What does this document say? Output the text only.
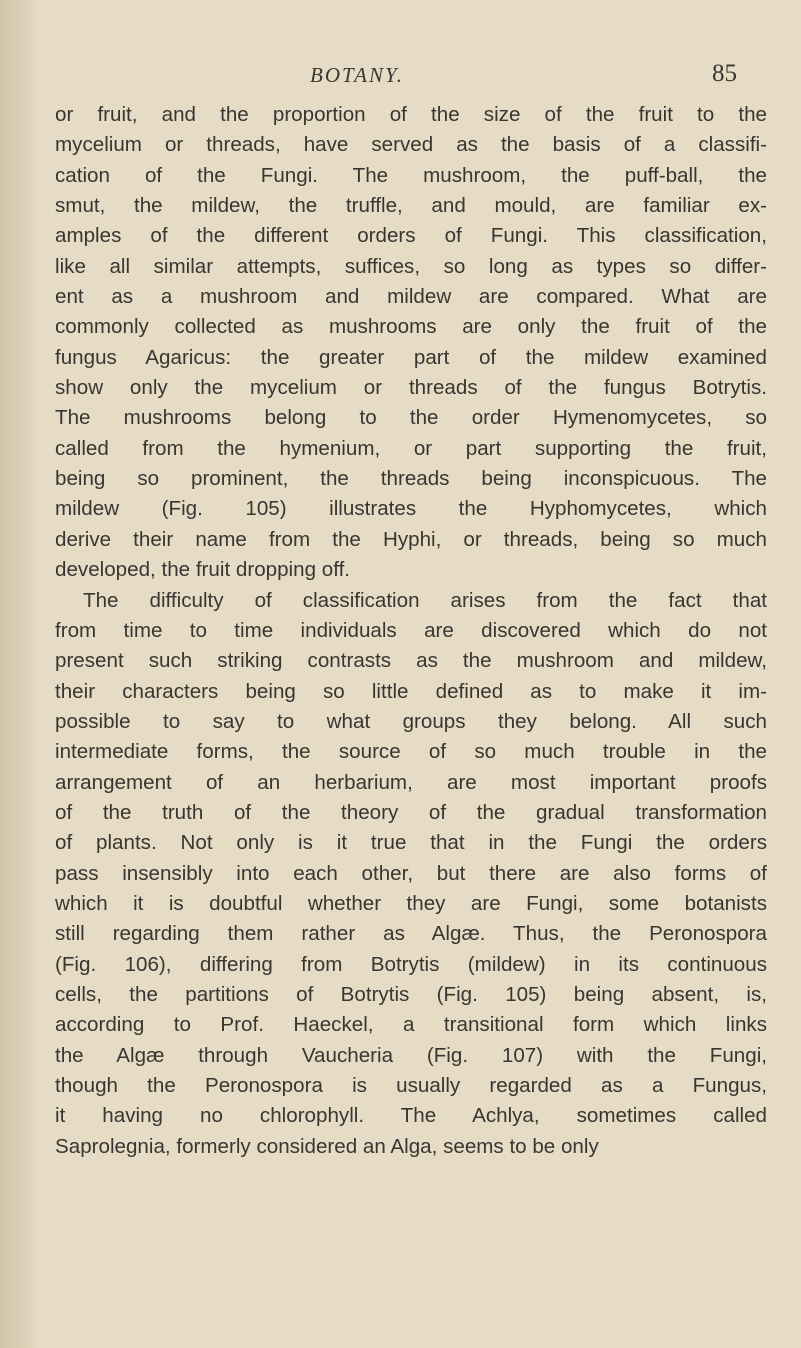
BOTANY.	85
or fruit, and the proportion of the size of the fruit to the
mycelium or threads, have served as the basis of a classifi-
cation of the Fungi. The mushroom, the puff-ball, the
smut, the mildew, the truffle, and mould, are familiar ex-
amples of the different orders of Fungi. This classification,
like all similar attempts, suffices, so long as types so differ-
ent as a mushroom and mildew are compared. What are
commonly collected as mushrooms are only the fruit of the
fungus Agaricus: the greater part of the mildew examined
show only the mycelium or threads of the fungus Botrytis.
The mushrooms belong to the order Hymenomycetes, so
called from the hymenium, or part supporting the fruit,
being so prominent, the threads being inconspicuous. The
mildew (Fig. 105) illustrates the Hyphomycetes, which
derive their name from the Hyphi, or threads, being so much
developed, the fruit dropping off.
The difficulty of classification arises from the fact that
from time to time individuals are discovered which do not
present such striking contrasts as the mushroom and mildew,
their characters being so little defined as to make it im-
possible to say to what groups they belong. All such
intermediate forms, the source of so much trouble in the
arrangement of an herbarium, are most important proofs
of the truth of the theory of the gradual transformation
of plants. Not only is it true that in the Fungi the orders
pass insensibly into each other, but there are also forms of
which it is doubtful whether they are Fungi, some botanists
still regarding them rather as Algæ. Thus, the Peronospora
(Fig. 106), differing from Botrytis (mildew) in its continuous
cells, the partitions of Botrytis (Fig. 105) being absent, is,
according to Prof. Haeckel, a transitional form which links
the Algæ through Vaucheria (Fig. 107) with the Fungi,
though the Peronospora is usually regarded as a Fungus,
it having no chlorophyll. The Achlya, sometimes called
Saprolegnia, formerly considered an Alga, seems to be only
